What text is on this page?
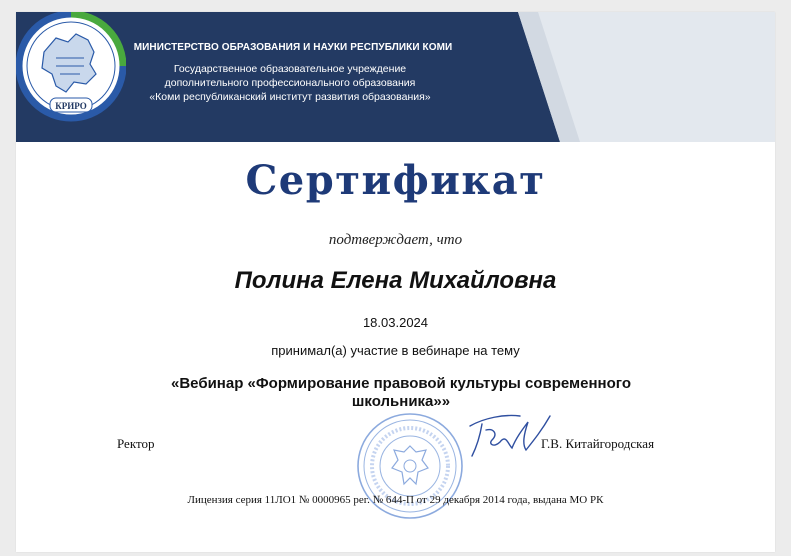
МИНИСТЕРСТВО ОБРАЗОВАНИЯ И НАУКИ РЕСПУБЛИКИ КОМИ
Государственное образовательное учреждение
дополнительного профессионального образования
«Коми республиканский институт развития образования»
КРИРО
Сертификат
подтверждает, что
Полина Елена Михайловна
18.03.2024
принимал(а) участие в вебинаре на тему
«Вебинар «Формирование правовой культуры современного школьника»»
Ректор	Г.В. Китайгородская
Лицензия серия 11ЛО1 № 0000965 рег. № 644-П от 29 декабря 2014 года, выдана МО РК
